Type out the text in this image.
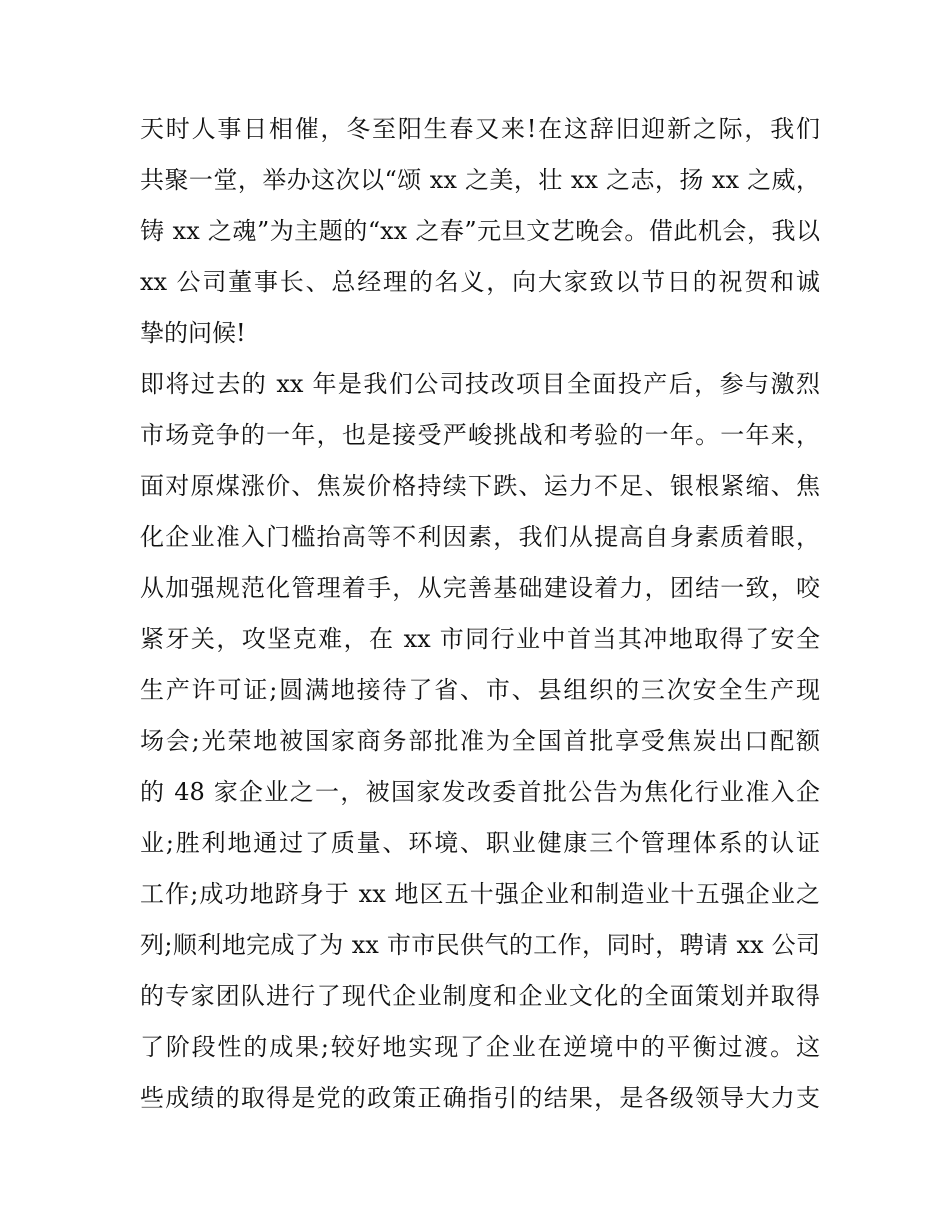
天时人事日相催，冬至阳生春又来!在这辞旧迎新之际，我们
共聚一堂，举办这次以“颂 xx 之美，壮 xx 之志，扬 xx 之威，
铸 xx 之魂”为主题的“xx 之春”元旦文艺晚会。借此机会，我以
xx 公司董事长、总经理的名义，向大家致以节日的祝贺和诚
挚的问候!
即将过去的 xx 年是我们公司技改项目全面投产后，参与激烈
市场竞争的一年，也是接受严峻挑战和考验的一年。一年来，
面对原煤涨价、焦炭价格持续下跌、运力不足、银根紧缩、焦
化企业准入门槛抬高等不利因素，我们从提高自身素质着眼，
从加强规范化管理着手，从完善基础建设着力，团结一致，咬
紧牙关，攻坚克难，在 xx 市同行业中首当其冲地取得了安全
生产许可证;圆满地接待了省、市、县组织的三次安全生产现
场会;光荣地被国家商务部批准为全国首批享受焦炭出口配额
的 48 家企业之一，被国家发改委首批公告为焦化行业准入企
业;胜利地通过了质量、环境、职业健康三个管理体系的认证
工作;成功地跻身于 xx 地区五十强企业和制造业十五强企业之
列;顺利地完成了为 xx 市市民供气的工作，同时，聘请 xx 公司
的专家团队进行了现代企业制度和企业文化的全面策划并取得
了阶段性的成果;较好地实现了企业在逆境中的平衡过渡。这
些成绩的取得是党的政策正确指引的结果，是各级领导大力支
